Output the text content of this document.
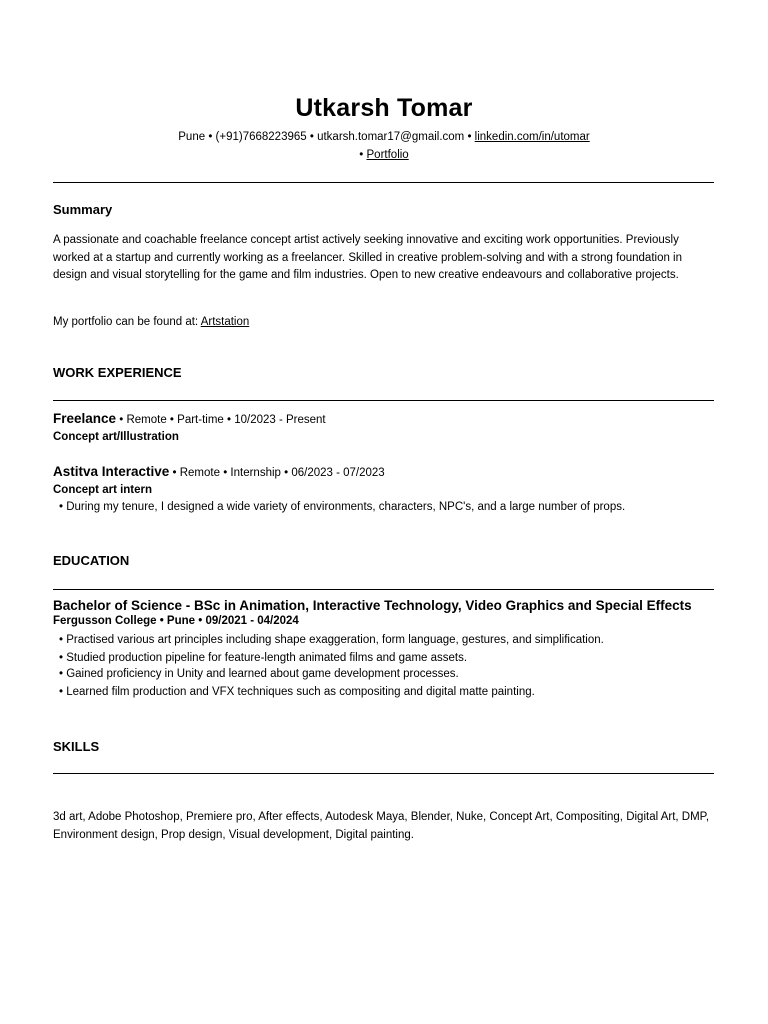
Utkarsh Tomar
Pune • (+91)7668223965 • utkarsh.tomar17@gmail.com • linkedin.com/in/utomar
• Portfolio
Summary
A passionate and coachable freelance concept artist actively seeking innovative and exciting work opportunities. Previously worked at a startup and currently working as a freelancer. Skilled in creative problem-solving and with a strong foundation in design and visual storytelling for the game and film industries. Open to new creative endeavours and collaborative projects.
My portfolio can be found at: Artstation
WORK EXPERIENCE
Freelance • Remote • Part-time • 10/2023 - Present
Concept art/Illustration
Astitva Interactive • Remote • Internship • 06/2023 - 07/2023
Concept art intern
• During my tenure, I designed a wide variety of environments, characters, NPC's, and a large number of props.
EDUCATION
Bachelor of Science - BSc in Animation, Interactive Technology, Video Graphics and Special Effects
Fergusson College • Pune • 09/2021 - 04/2024
• Practised various art principles including shape exaggeration, form language, gestures, and simplification.
• Studied production pipeline for feature-length animated films and game assets.
• Gained proficiency in Unity and learned about game development processes.
• Learned film production and VFX techniques such as compositing and digital matte painting.
SKILLS
3d art, Adobe Photoshop, Premiere pro, After effects, Autodesk Maya, Blender, Nuke, Concept Art, Compositing, Digital Art, DMP, Environment design, Prop design, Visual development, Digital painting.
